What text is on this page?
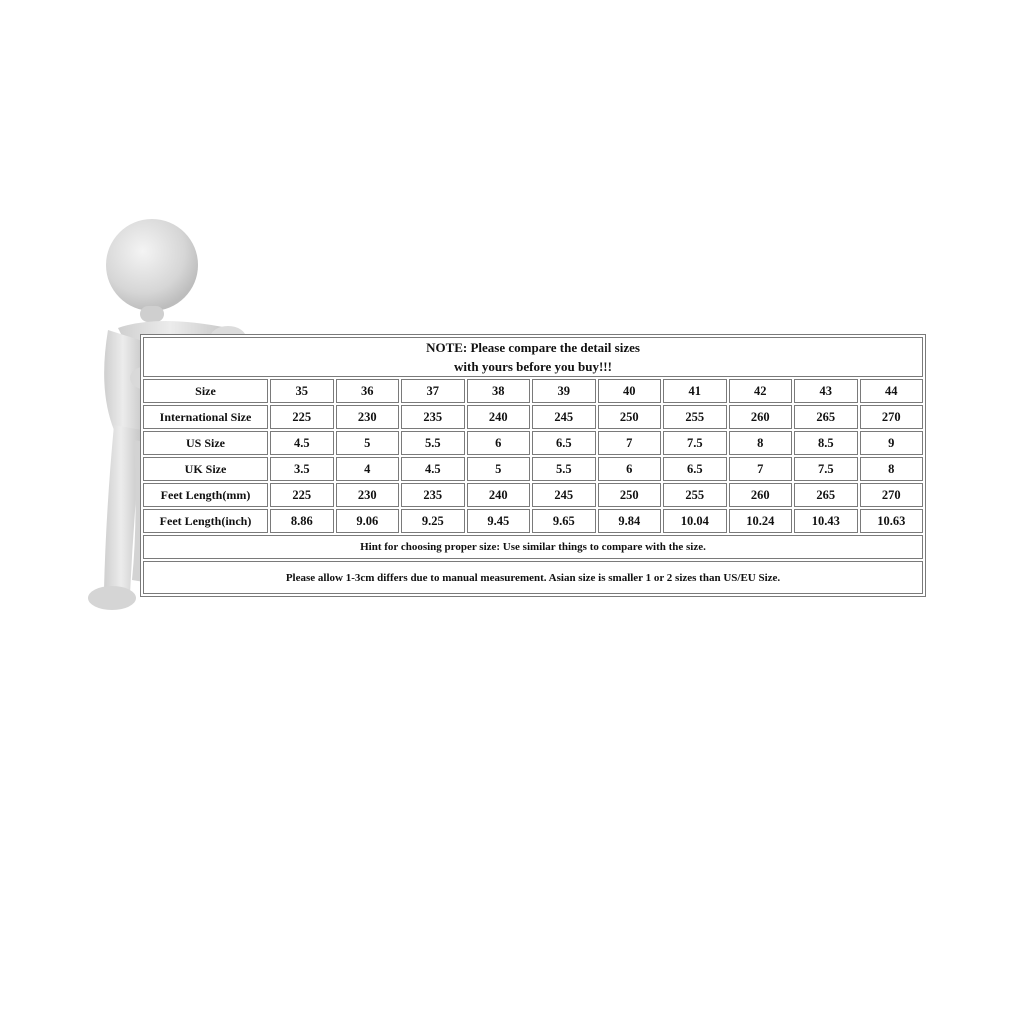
NOTE: Please compare the detail sizes
with yours before you buy!!!										

Size	35	36	37	38	39	40	41	42	43	44
International Size	225	230	235	240	245	250	255	260	265	270
US Size	4.5	5	5.5	6	6.5	7	7.5	8	8.5	9
UK Size	3.5	4	4.5	5	5.5	6	6.5	7	7.5	8
Feet Length(mm)	225	230	235	240	245	250	255	260	265	270
Feet Length(inch)	8.86	9.06	9.25	9.45	9.65	9.84	10.04	10.24	10.43	10.63
Hint for choosing proper size: Use similar things to compare with the size.										
Please allow 1-3cm differs due to manual measurement. Asian size is smaller 1 or 2 sizes than US/EU Size.										
